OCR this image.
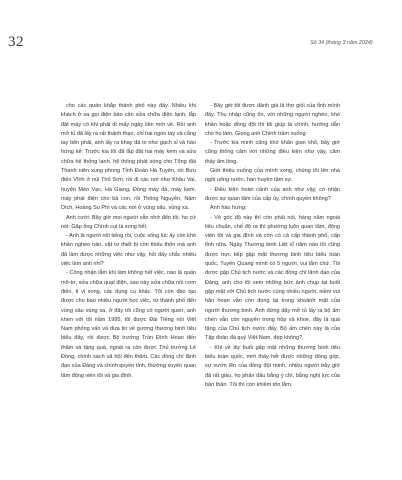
32	Số 34 (tháng 3 năm 2024)

cho các quán khắp thành phố này đấy. Nhiều khi khách ở xa gọi điện báo cần sửa chữa điện lạnh, lắp đặt máy có khi phải đi mấy ngày liền mới về. Rồi anh mở tủ đã lấy ra rất thành thạo, chỉ hai ngón tay và cắng tay bên phải, anh lấy ra khay đá to như gạch xỉ và hào hứng kể: Trước kia tôi đã lắp đặt hai máy kem và sửa chữa hệ thống lạnh, hệ thống phát sóng cho Tổng đài Thanh niên xung phong Tỉnh Đoàn Hà Tuyên, rồi Bưu điện Vĩnh ở núi Thổ Sơn, rồi đi các nơi như Khâu Vai, huyện Mèo Vạc, Hà Giang, Đồng máy đá, máy kem, máy phát điện cho bà con, rồi Thông Nguyên, Nậm Dích, Hoàng Su Phì và các nơi ở vùng sâu, vùng xa.

Anh cười: Bây giờ mọi người vẫn nhớ đến tôi, họ cứ nói: Gặp ông Chính cụt là xong hết.

- Anh là người nổi tiếng rồi, cuộc sống lúc ấy còn khó khăn nghèo nàn, vật tư thiết bị còn thiếu thốn mà anh đã làm được những việc như vậy, hỏi đấy chắc nhiều việc làm anh nhỉ?

- Công nhận lắm khi làm không hết việc, nào là quấn mô-tơ, sửa chữa quạt điện, sau này sửa chữa nồi cơm điện, ti vi song, các dụng cụ khác. Tôi còn đào tạo được cho bao nhiêu người học việc, từ thành phố đến vùng sâu vùng xa, ở đây tôi cũng có người quen, anh khen với tôi năm 1995, tôi được Đài Tiếng nói Việt Nam phỏng vấn và đưa tin về gương thương binh tiêu biểu đấy, rồi được Bộ trưởng Trần Đình Hoan đến thăm và tặng quà, ngoài ra còn được Thủ trưởng Lê Đồng, chính sách xã hội đến thăm. Các đồng chí lãnh đạo của Đảng và chính quyền tỉnh, thường xuyên quan tâm động viên tôi và gia đình.

- Bây giờ tôi được đánh giá là thợ giỏi của tỉnh mình đấy. Thu nhập cũng ổn, với những người nghèo, khó khăn hoặc đồng đội thì tôi giúp là chính, hướng dẫn cho họ làm. Giọng anh Chính trầm xuống:

- Trước kia mình cũng khó khăn gian khổ, bây giờ cũng thông cảm với những điều kiện như vậy, cảm thấy ấm lòng.

Giới thiệu xuống của mình xong, chúng tôi lên nhà ngồi uống nước, hàn huyên tâm sự.

- Điều kiện hoàn cảnh của anh như vậy, có nhận được sự quan tâm của cấp ủy, chính quyền không?

Anh hào hứng:

- Về góc độ này thì còn phải nói, hàng năm ngoài tiêu chuẩn, chế độ ra thì phường luôn quan tâm, động viên tôi và gia đình và còn có cả cấp thành phố, cấp tỉnh nữa. Ngày Thương binh Liệt sĩ năm nào tôi cũng được trực tiếp gặp mặt thương binh tiêu biểu toàn quốc, Tuyên Quang mình có 5 người, vui lắm chứ. Tôi được gặp Chủ tịch nước và các đồng chí lãnh đạo của Đảng, anh cho tôi xem những bức ảnh chụp tại buổi gặp mặt với Chủ tịch nước cùng nhiều người, niềm vui hân hoan vẫn còn đọng lại trong khoảnh mặt của người thương binh. Anh đứng dậy mở tủ lấy ra bộ ấm chén vẫn còn nguyên trong hộp và khoe, đây là quà tặng của Chủ tịch nước đấy. Bộ ấm chén này là của Tập đoàn đá quý Việt Nam, đẹp không?,

- Khi về dự buổi gặp mặt những thương binh tiêu biểu toàn quốc, mới thấy hết được những đóng góp, sự vươn lên của đồng đội mình, nhiều người bây giờ đã rất giàu, họ phấn đấu bằng ý chí, bằng nghị lực của bản thân. Tôi thì còn khiêm tốn lắm.
